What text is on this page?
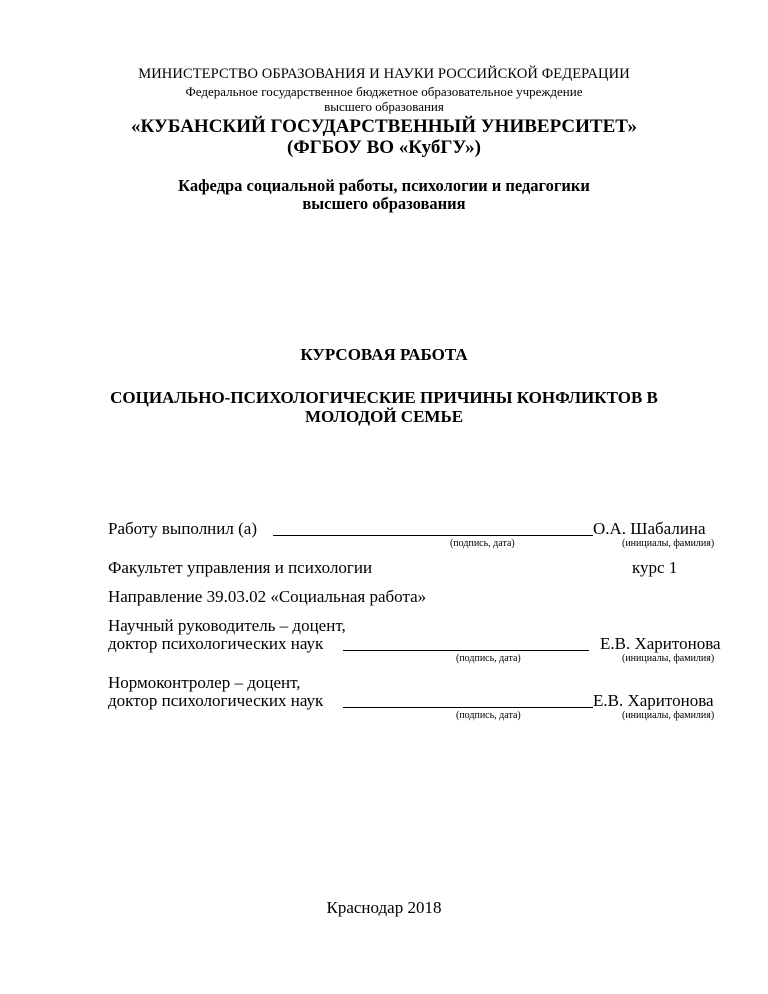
МИНИСТЕРСТВО ОБРАЗОВАНИЯ И НАУКИ РОССИЙСКОЙ ФЕДЕРАЦИИ
Федеральное государственное бюджетное образовательное учреждение
высшего образования
«КУБАНСКИЙ ГОСУДАРСТВЕННЫЙ УНИВЕРСИТЕТ»
(ФГБОУ ВО «КубГУ»)
Кафедра социальной работы, психологии и педагогики
высшего образования
КУРСОВАЯ РАБОТА
СОЦИАЛЬНО-ПСИХОЛОГИЧЕСКИЕ ПРИЧИНЫ КОНФЛИКТОВ В
МОЛОДОЙ СЕМЬЕ
Работу выполнил (а)	О.А. Шабалина
(подпись, дата)	(инициалы, фамилия)
Факультет управления и психологии	курс 1
Направление 39.03.02 «Социальная работа»
Научный руководитель – доцент,
доктор психологических наук	Е.В. Харитонова
(подпись, дата)	(инициалы, фамилия)
Нормоконтролер – доцент,
доктор психологических наук	Е.В. Харитонова
(подпись, дата)	(инициалы, фамилия)
Краснодар 2018
